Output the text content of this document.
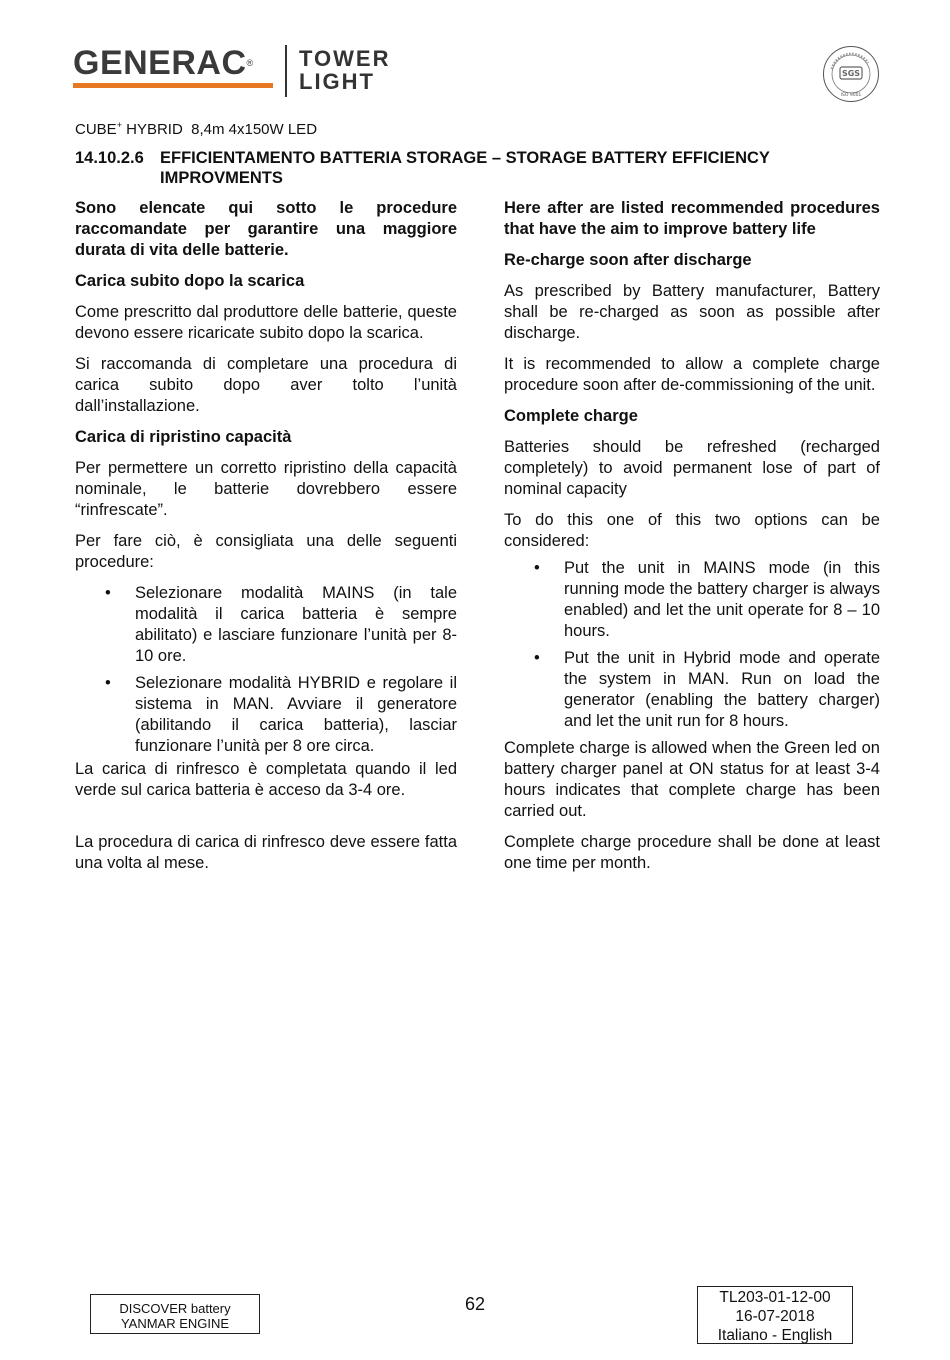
GENERAC® TOWER
LIGHT	SGS
ISO 9001
CUBE+ HYBRID  8,4m 4x150W LED
14.10.2.6 EFFICIENTAMENTO BATTERIA STORAGE – STORAGE BATTERY EFFICIENCY
IMPROVMENTS

Sono elencate qui sotto le procedure raccomandate per garantire una maggiore durata di vita delle batterie.

Carica subito dopo la scarica

Come prescritto dal produttore delle batterie, queste devono essere ricaricate subito dopo la scarica.

Si raccomanda di completare una procedura di carica subito dopo aver tolto l’unità dall’installazione.

Carica di ripristino capacità

Per permettere un corretto ripristino della capacità nominale, le batterie dovrebbero essere “rinfrescate”.

Per fare ciò, è consigliata una delle seguenti procedure:

• Selezionare modalità MAINS (in tale modalità il carica batteria è sempre abilitato) e lasciare funzionare l’unità per 8-10 ore.
• Selezionare modalità HYBRID e regolare il sistema in MAN. Avviare il generatore (abilitando il carica batteria), lasciar funzionare l’unità per 8 ore circa.

La carica di rinfresco è completata quando il led verde sul carica batteria è acceso da 3-4 ore.

La procedura di carica di rinfresco deve essere fatta una volta al mese.

Here after are listed recommended procedures that have the aim to improve battery life

Re-charge soon after discharge

As prescribed by Battery manufacturer, Battery shall be re-charged as soon as possible after discharge.

It is recommended to allow a complete charge procedure soon after de-commissioning of the unit.

Complete charge

Batteries should be refreshed (recharged completely) to avoid permanent lose of part of nominal capacity

To do this one of this two options can be considered:

• Put the unit in MAINS mode (in this running mode the battery charger is always enabled) and let the unit operate for 8 – 10 hours.
• Put the unit in Hybrid mode and operate the system in MAN. Run on load the generator (enabling the battery charger) and let the unit run for 8 hours.

Complete charge is allowed when the Green led on battery charger panel at ON status for at least 3-4 hours indicates that complete charge has been carried out.

Complete charge procedure shall be done at least one time per month.

DISCOVER battery
YANMAR ENGINE
62	TL203-01-12-00
16-07-2018
Italiano - English
